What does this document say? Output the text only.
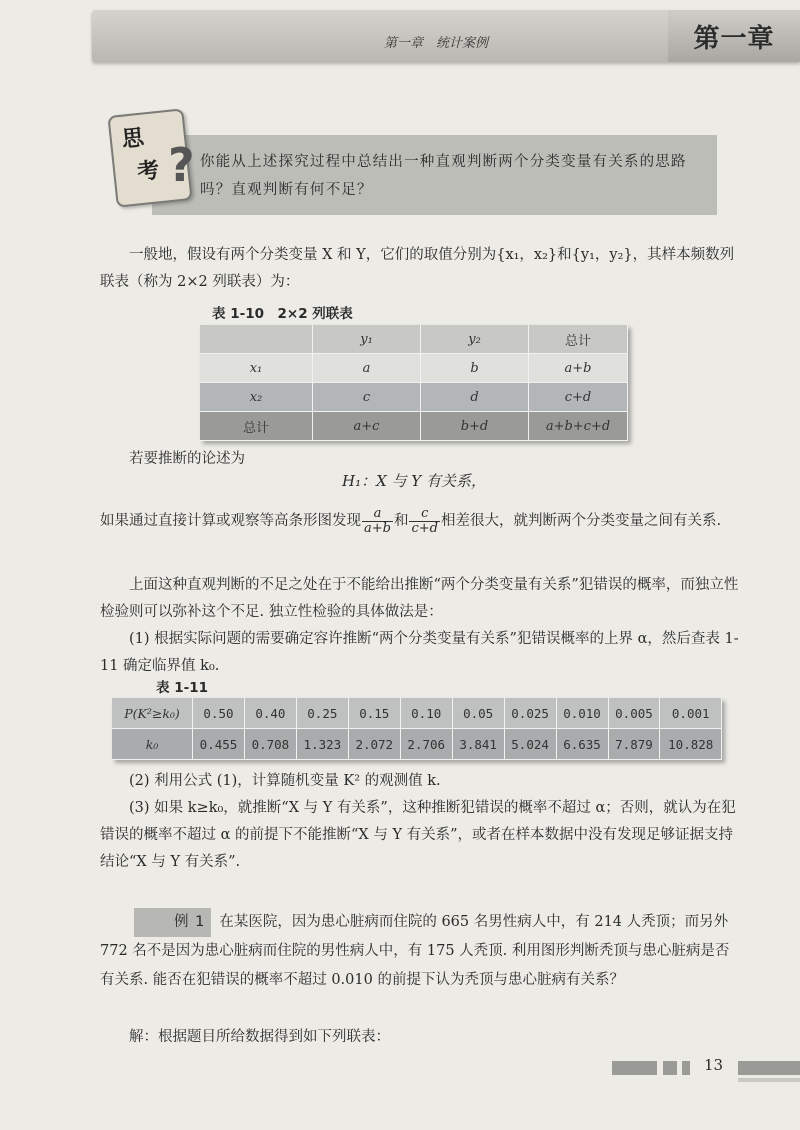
第一章　统计案例	第一章
思
考 ? 你能从上述探究过程中总结出一种直观判断两个分类变量有关系的思路吗？直观判断有何不足？
一般地，假设有两个分类变量 X 和 Y，它们的取值分别为{x₁，x₂}和{y₁，y₂}，其样本频数列联表（称为 2×2 列联表）为：
表 1-10　2×2 列联表
	y₁	y₂	总计
x₁	a	b	a+b
x₂	c	d	c+d
总计	a+c	b+d	a+b+c+d
若要推断的论述为
H₁：X 与 Y 有关系，
如果通过直接计算或观察等高条形图发现 $\frac{a}{a+b}$ 和 $\frac{c}{c+d}$ 相差很大，就判断两个分类变量之间有关系.
上面这种直观判断的不足之处在于不能给出推断“两个分类变量有关系”犯错误的概率，而独立性检验则可以弥补这个不足. 独立性检验的具体做法是：
(1) 根据实际问题的需要确定容许推断“两个分类变量有关系”犯错误概率的上界 α，然后查表 1-11 确定临界值 k₀.
表 1-11
P(K²≥k₀)	0.50	0.40	0.25	0.15	0.10	0.05	0.025	0.010	0.005	0.001
k₀	0.455	0.708	1.323	2.072	2.706	3.841	5.024	6.635	7.879	10.828
(2) 利用公式 (1)，计算随机变量 K² 的观测值 k.
(3) 如果 k≥k₀，就推断“X 与 Y 有关系”，这种推断犯错误的概率不超过 α；否则，就认为在犯错误的概率不超过 α 的前提下不能推断“X 与 Y 有关系”，或者在样本数据中没有发现足够证据支持结论“X 与 Y 有关系”.
例 1 在某医院，因为患心脏病而住院的 665 名男性病人中，有 214 人秃顶；而另外 772 名不是因为患心脏病而住院的男性病人中，有 175 人秃顶. 利用图形判断秃顶与患心脏病是否有关系. 能否在犯错误的概率不超过 0.010 的前提下认为秃顶与患心脏病有关系？
解：根据题目所给数据得到如下列联表：
13
